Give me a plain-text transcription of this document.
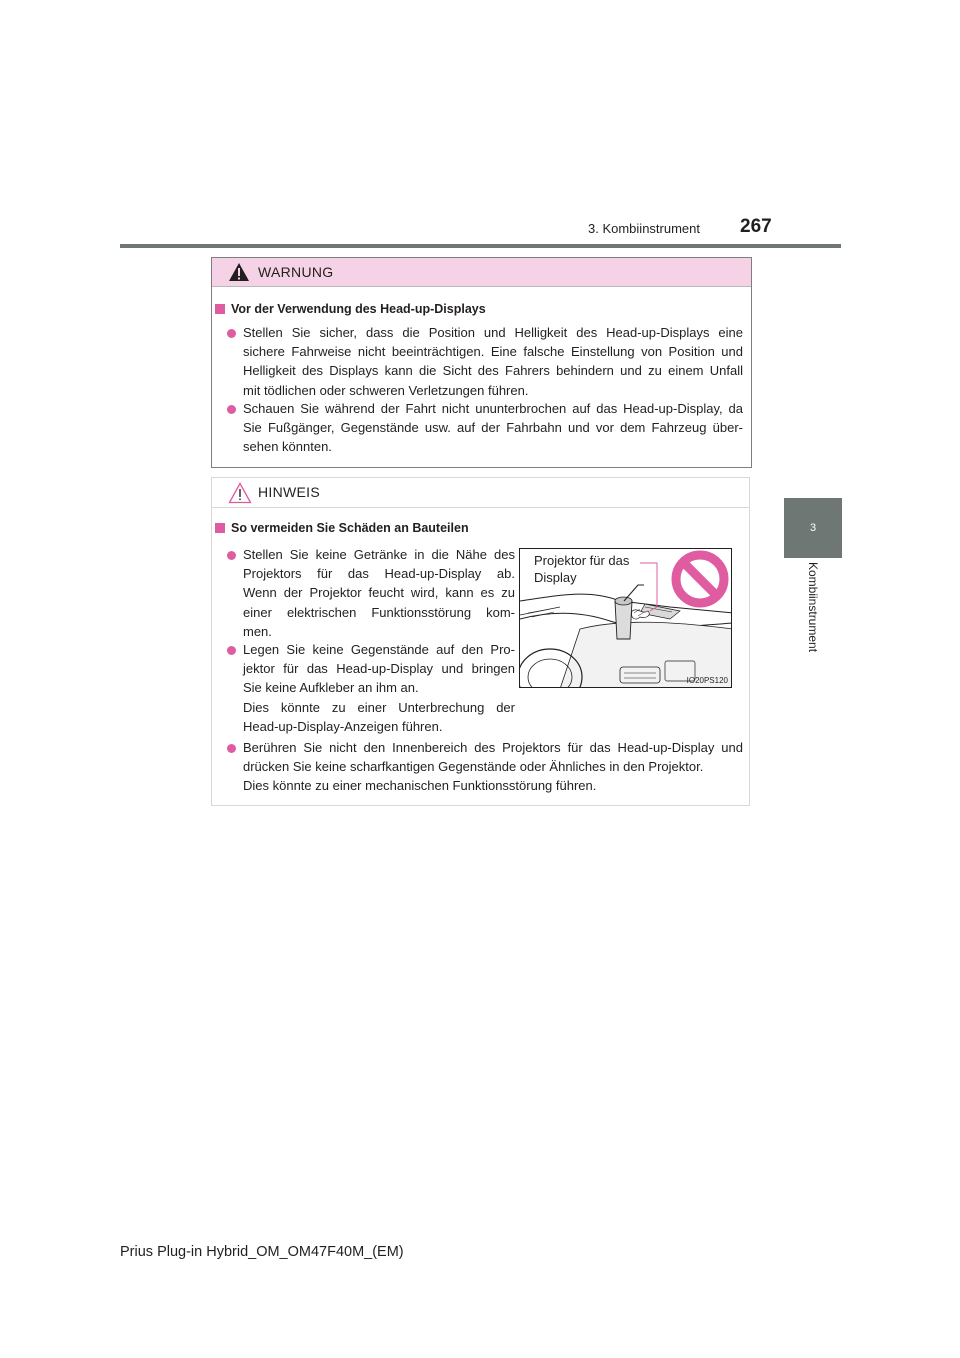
3. Kombiinstrument 267
3
Kombiinstrument
WARNUNG
Vor der Verwendung des Head-up-Displays
Stellen Sie sicher, dass die Position und Helligkeit des Head-up-Displays eine
sichere Fahrweise nicht beeinträchtigen. Eine falsche Einstellung von Position und
Helligkeit des Displays kann die Sicht des Fahrers behindern und zu einem Unfall
mit tödlichen oder schweren Verletzungen führen.
Schauen Sie während der Fahrt nicht ununterbrochen auf das Head-up-Display, da
Sie Fußgänger, Gegenstände usw. auf der Fahrbahn und vor dem Fahrzeug über-
sehen könnten.
HINWEIS
So vermeiden Sie Schäden an Bauteilen
Stellen Sie keine Getränke in die Nähe des
Projektors für das Head-up-Display ab.
Wenn der Projektor feucht wird, kann es zu
einer elektrischen Funktionsstörung kom-
men.
Legen Sie keine Gegenstände auf den Pro-
jektor für das Head-up-Display und bringen
Sie keine Aufkleber an ihm an.
Dies könnte zu einer Unterbrechung der
Head-up-Display-Anzeigen führen.
Berühren Sie nicht den Innenbereich des Projektors für das Head-up-Display und
drücken Sie keine scharfkantigen Gegenstände oder Ähnliches in den Projektor.
Dies könnte zu einer mechanischen Funktionsstörung führen.
Projektor für das
Display
IO20PS120
Prius Plug-in Hybrid_OM_OM47F40M_(EM)
